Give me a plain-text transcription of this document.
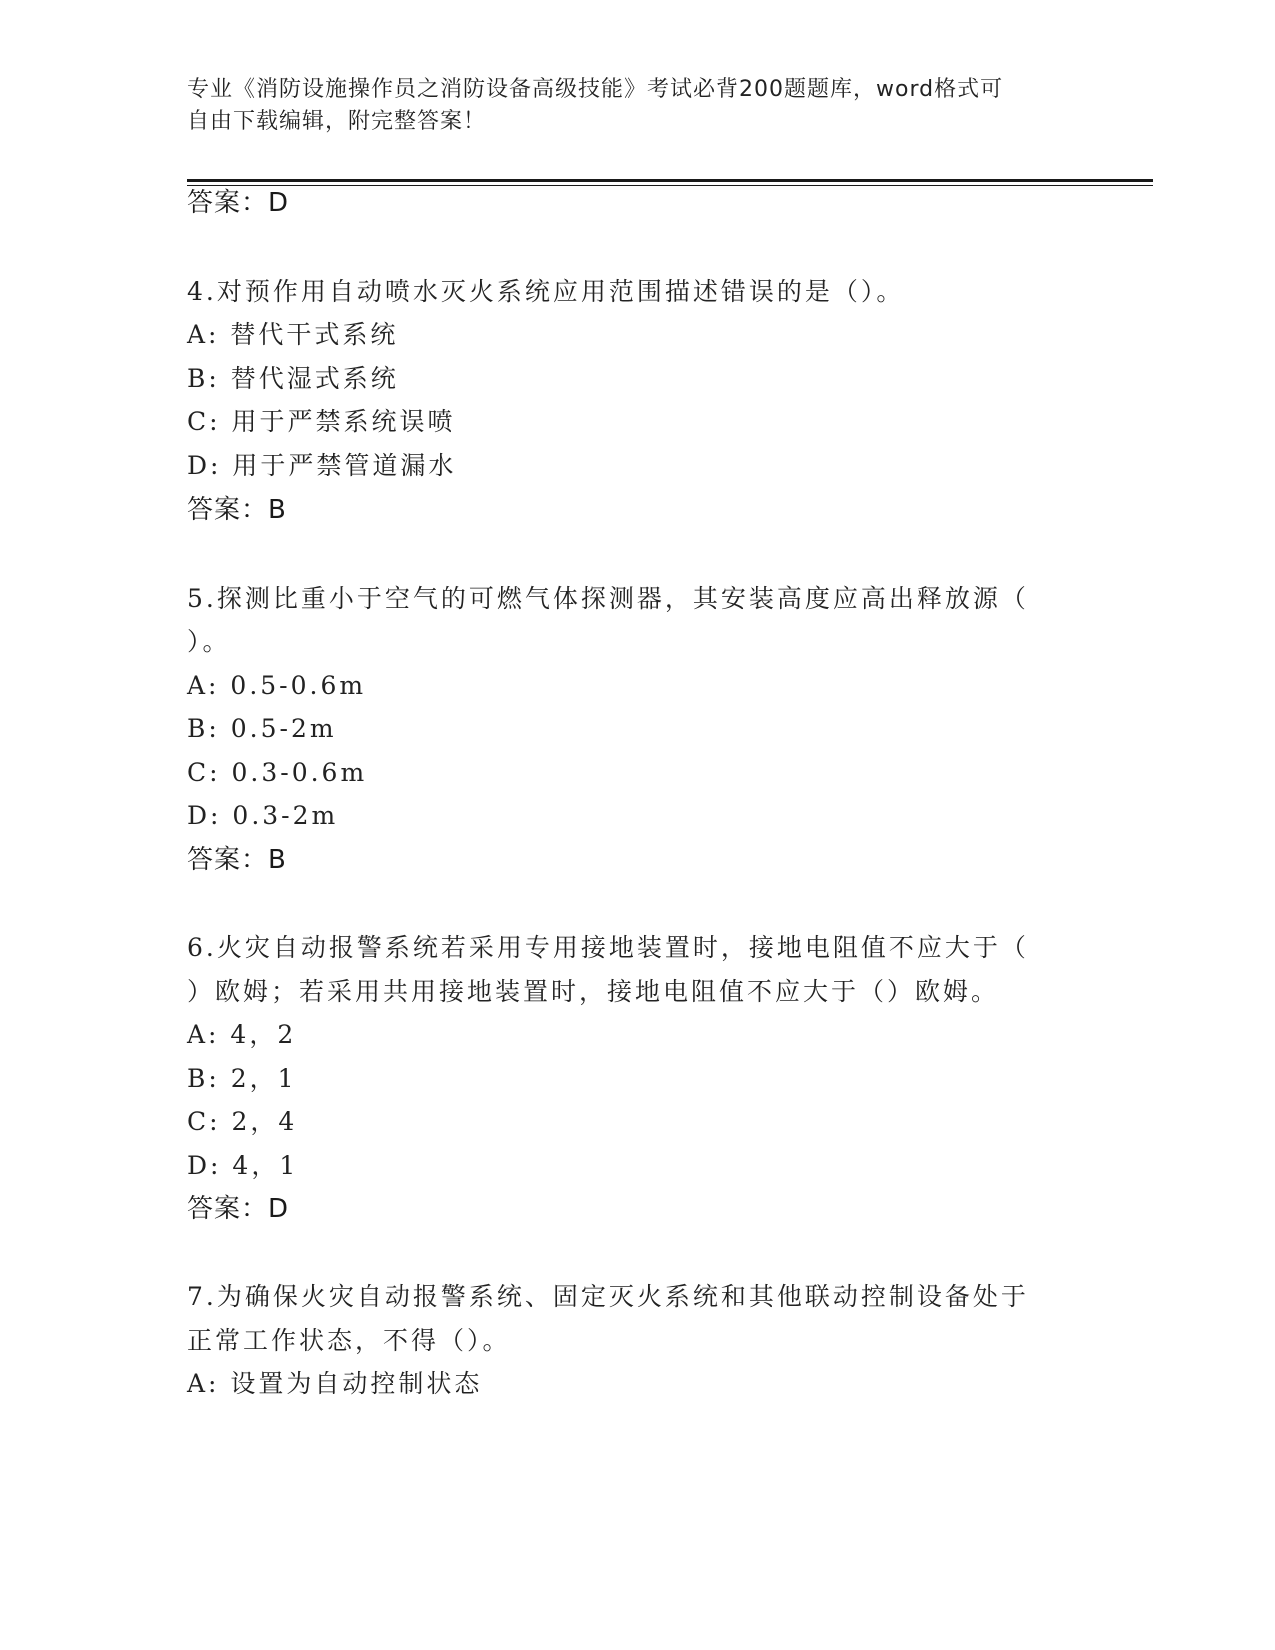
专业《消防设施操作员之消防设备高级技能》考试必背200题题库，word格式可
自由下载编辑，附完整答案！
答案：D
4.对预作用自动喷水灭火系统应用范围描述错误的是（）。
A: 替代干式系统
B: 替代湿式系统
C: 用于严禁系统误喷
D: 用于严禁管道漏水
答案：B
5.探测比重小于空气的可燃气体探测器，其安装高度应高出释放源（
）。
A: 0.5-0.6m
B: 0.5-2m
C: 0.3-0.6m
D: 0.3-2m
答案：B
6.火灾自动报警系统若采用专用接地装置时，接地电阻值不应大于（
）欧姆；若采用共用接地装置时，接地电阻值不应大于（）欧姆。
A: 4，2
B: 2，1
C: 2，4
D: 4，1
答案：D
7.为确保火灾自动报警系统、固定灭火系统和其他联动控制设备处于
正常工作状态，不得（）。
A: 设置为自动控制状态
